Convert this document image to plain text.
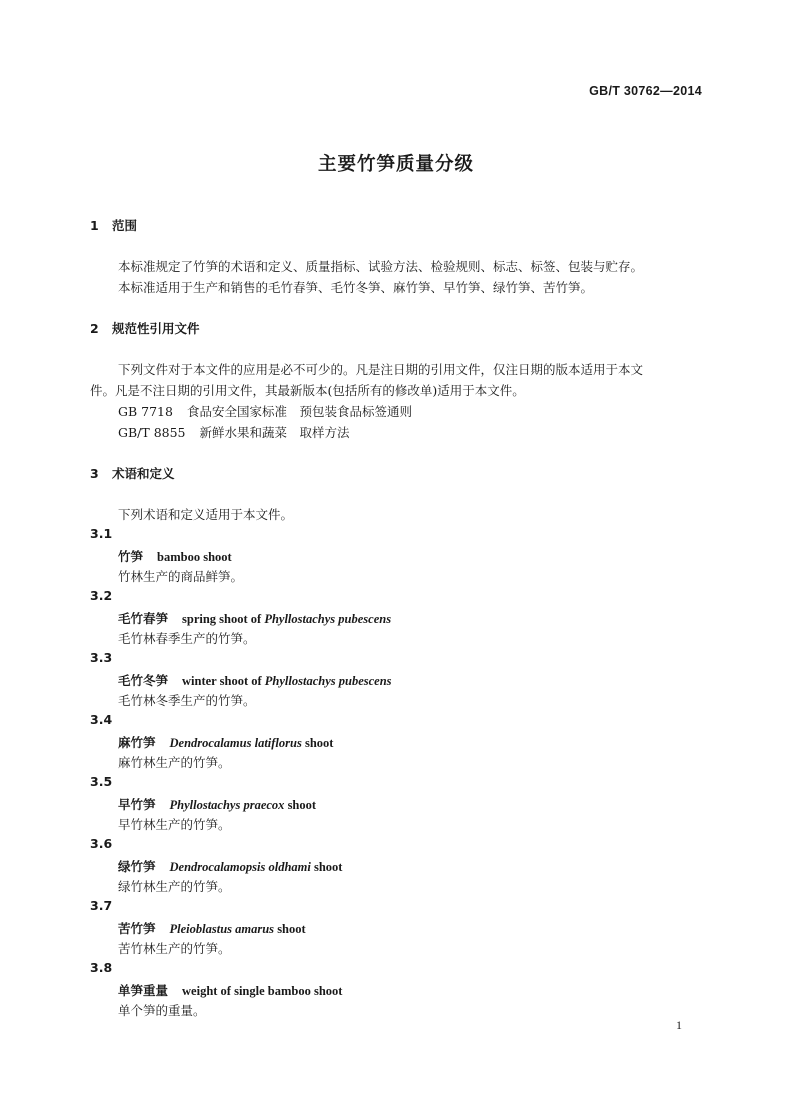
GB/T 30762—2014
主要竹笋质量分级
1 范围
本标准规定了竹笋的术语和定义、质量指标、试验方法、检验规则、标志、标签、包装与贮存。
本标准适用于生产和销售的毛竹春笋、毛竹冬笋、麻竹笋、早竹笋、绿竹笋、苦竹笋。
2 规范性引用文件
下列文件对于本文件的应用是必不可少的。凡是注日期的引用文件，仅注日期的版本适用于本文
件。凡是不注日期的引用文件，其最新版本(包括所有的修改单)适用于本文件。
GB 7718 食品安全国家标准　预包装食品标签通则
GB/T 8855 新鲜水果和蔬菜　取样方法
3 术语和定义
下列术语和定义适用于本文件。
3.1
竹笋 bamboo shoot
竹林生产的商品鲜笋。
3.2
毛竹春笋 spring shoot of Phyllostachys pubescens
毛竹林春季生产的竹笋。
3.3
毛竹冬笋 winter shoot of Phyllostachys pubescens
毛竹林冬季生产的竹笋。
3.4
麻竹笋 Dendrocalamus latiflorus shoot
麻竹林生产的竹笋。
3.5
早竹笋 Phyllostachys praecox shoot
早竹林生产的竹笋。
3.6
绿竹笋 Dendrocalamopsis oldhami shoot
绿竹林生产的竹笋。
3.7
苦竹笋 Pleioblastus amarus shoot
苦竹林生产的竹笋。
3.8
单笋重量 weight of single bamboo shoot
单个笋的重量。
1
